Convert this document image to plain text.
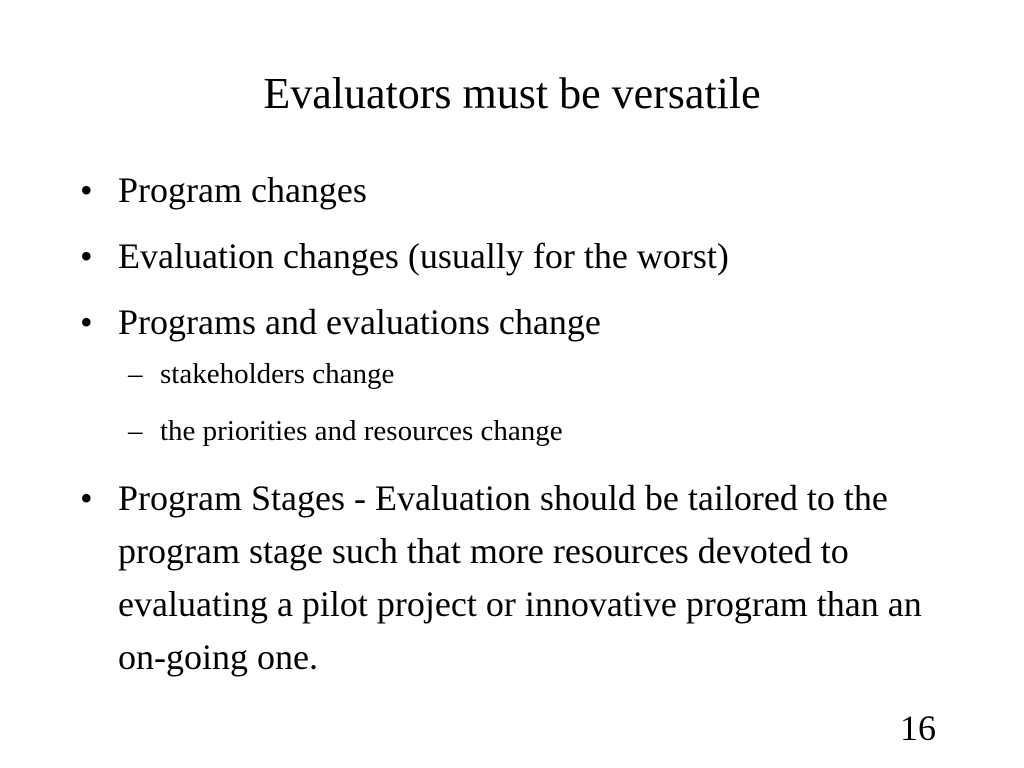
Evaluators must be versatile
• Program changes
• Evaluation changes (usually for the worst)
• Programs and evaluations change
– stakeholders change
– the priorities and resources change
• Program Stages - Evaluation should be tailored to the program stage such that more resources devoted to evaluating a pilot project or innovative program than an on-going one.
16
